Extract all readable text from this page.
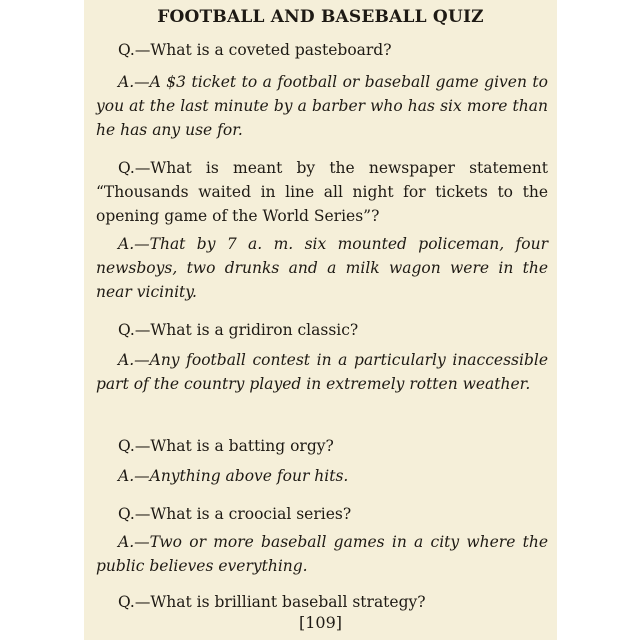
FOOTBALL AND BASEBALL QUIZ

Q.—What is a coveted pasteboard?

A.—A $3 ticket to a football or baseball game given to you at the last minute by a barber who has six more than he has any use for.

Q.—What is meant by the newspaper statement “Thousands waited in line all night for tickets to the opening game of the World Series”?

A.—That by 7 a. m. six mounted policeman, four newsboys, two drunks and a milk wagon were in the near vicinity.

Q.—What is a gridiron classic?

A.—Any football contest in a particularly inaccessible part of the country played in extremely rotten weather.

Q.—What is a batting orgy?

A.—Anything above four hits.

Q.—What is a croocial series?

A.—Two or more baseball games in a city where the public believes everything.

Q.—What is brilliant baseball strategy?

[109]
